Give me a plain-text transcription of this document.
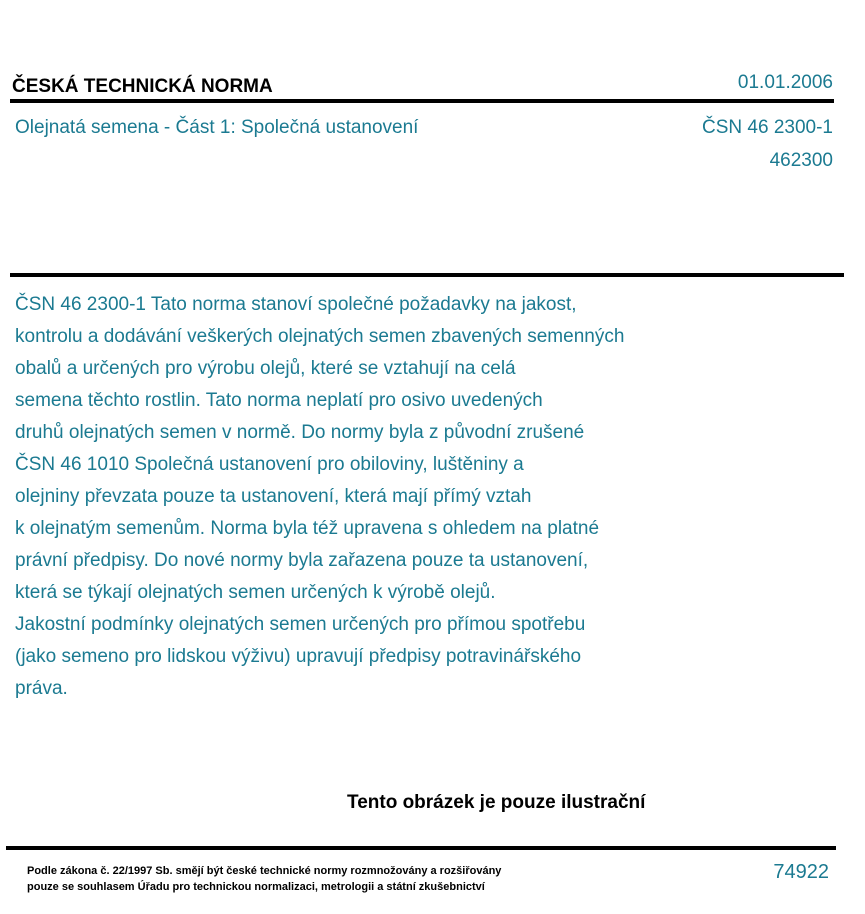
ČESKÁ TECHNICKÁ NORMA	01.01.2006
Olejnatá semena - Část 1: Společná ustanovení	ČSN 46 2300-1
462300
ČSN 46 2300-1 Tato norma stanoví společné požadavky na jakost,
kontrolu a dodávání veškerých olejnatých semen zbavených semenných
obalů a určených pro výrobu olejů, které se vztahují na celá
semena těchto rostlin. Tato norma neplatí pro osivo uvedených
druhů olejnatých semen v normě. Do normy byla z původní zrušené
ČSN 46 1010 Společná ustanovení pro obiloviny, luštěniny a
olejniny převzata pouze ta ustanovení, která mají přímý vztah
k olejnatým semenům. Norma byla též upravena s ohledem na platné
právní předpisy. Do nové normy byla zařazena pouze ta ustanovení,
která se týkají olejnatých semen určených k výrobě olejů.
Jakostní podmínky olejnatých semen určených pro přímou spotřebu
(jako semeno pro lidskou výživu) upravují předpisy potravinářského
práva.
Tento obrázek je pouze ilustrační
Podle zákona č. 22/1997 Sb. smějí být české technické normy rozmnožovány a rozšiřovány
pouze se souhlasem Úřadu pro technickou normalizaci, metrologii a státní zkušebnictví
74922
